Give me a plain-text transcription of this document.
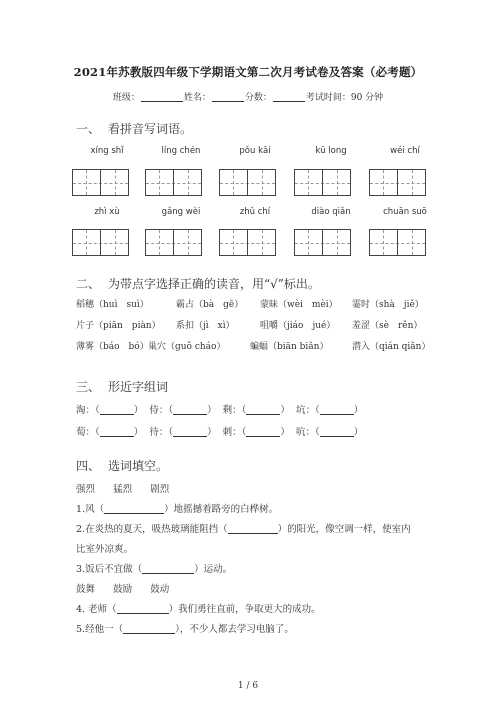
2021年苏教版四年级下学期语文第二次月考试卷及答案（必考题）
班级：	姓名：	分数：	考试时间：90 分钟
一、 看拼音写词语。
xíng shǐ	líng chén	pǒu kāi	kū long	wéi chí
zhì xù	gǎng wèi	zhǔ chí	diào qiǎn	chuān suō
二、 为带点字选择正确的读音，用“√”标出。
稻穗（huì　suì）	霸占（bà　gē） 蒙昧（wèi　mèi） 霎时（shà　jiě）
片子（piān　piàn） 系扣（jì　xì）	咀嚼（jiáo　jué） 羞涩（sè　rěn）
薄雾（báo　bó）巢穴（guǒ cháo）	蝙蝠（biān biǎn）	潜入（qián qiǎn）
三、 形近字组词
淘：（	） 侍：（	） 剩：（	） 坑：（	）
萄：（	） 待：（	） 刺：（	） 吭：（	）
四、 选词填空。
强烈 猛烈 剧烈
1.风（	）地摇撼着路旁的白桦树。
2.在炎热的夏天，吸热玻璃能阻挡（	）的阳光，像空调一样，使室内
比室外凉爽。
3.饭后不宜做（	）运动。
鼓舞 鼓励 鼓动
4. 老师（	）我们勇往直前，争取更大的成功。
5.经他一（	），不少人都去学习电脑了。
1 / 6
